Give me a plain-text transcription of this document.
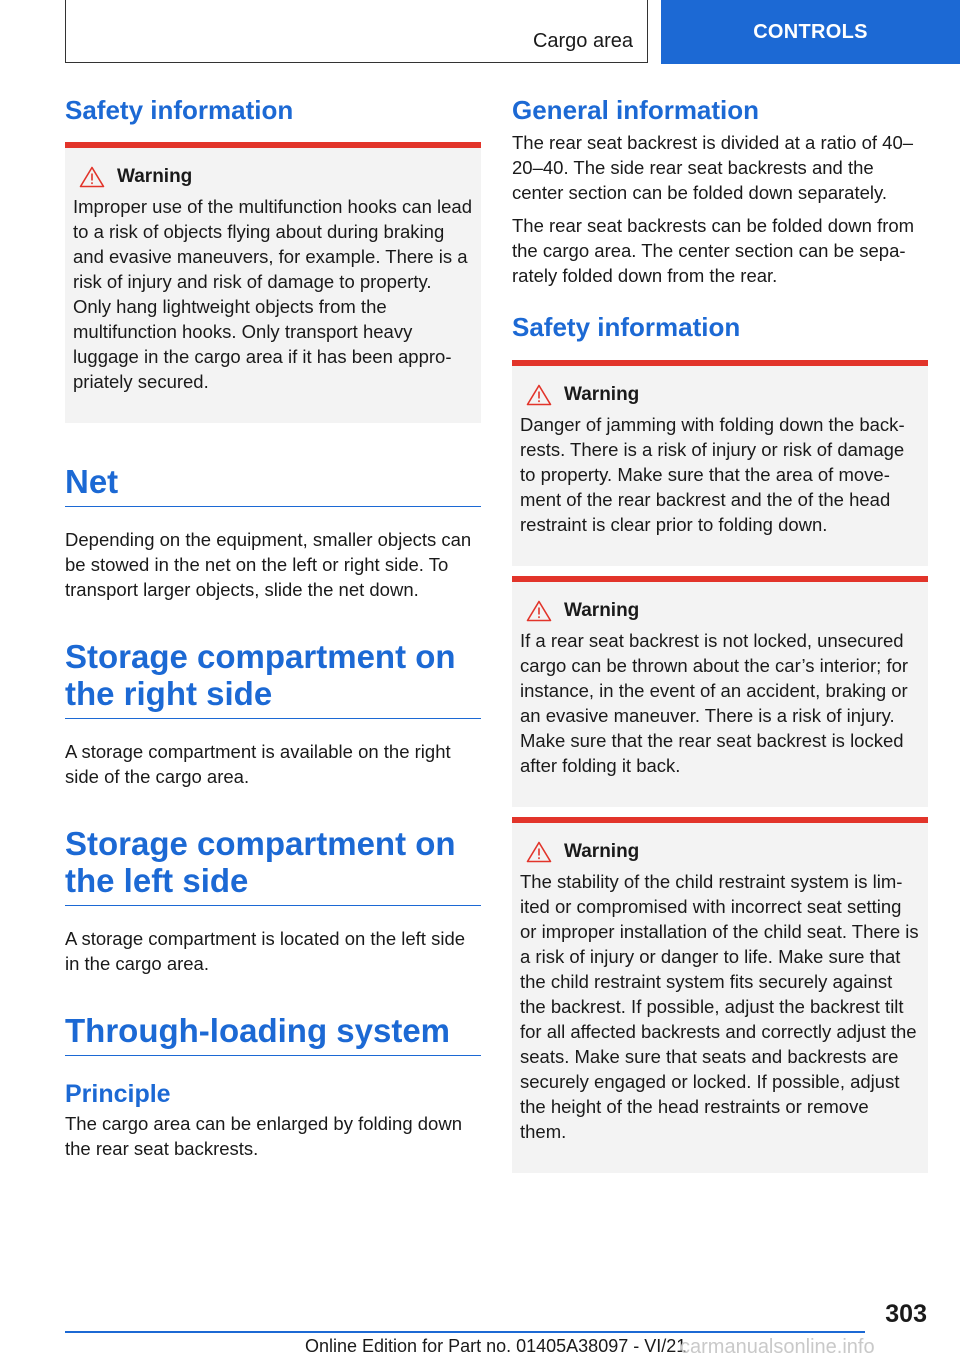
Cargo area	CONTROLS
Safety information
Warning

Improper use of the multifunction hooks can lead to a risk of objects flying about during braking and evasive maneuvers, for example. There is a risk of injury and risk of damage to property. Only hang lightweight objects from the multifunction hooks. Only transport heavy luggage in the cargo area if it has been appropriately secured.

Net

Depending on the equipment, smaller objects can be stowed in the net on the left or right side. To transport larger objects, slide the net down.

Storage compartment on the right side

A storage compartment is available on the right side of the cargo area.

Storage compartment on the left side

A storage compartment is located on the left side in the cargo area.

Through-loading system
Principle

The cargo area can be enlarged by folding down the rear seat backrests.

General information

The rear seat backrest is divided at a ratio of 40–20–40. The side rear seat backrests and the center section can be folded down separately.

The rear seat backrests can be folded down from the cargo area. The center section can be separately folded down from the rear.

Safety information
Warning

Danger of jamming with folding down the backrests. There is a risk of injury or risk of damage to property. Make sure that the area of movement of the rear backrest and the of the head restraint is clear prior to folding down.

Warning

If a rear seat backrest is not locked, unsecured cargo can be thrown about the car’s interior; for instance, in the event of an accident, braking or an evasive maneuver. There is a risk of injury. Make sure that the rear seat backrest is locked after folding it back.

Warning

The stability of the child restraint system is limited or compromised with incorrect seat setting or improper installation of the child seat. There is a risk of injury or danger to life. Make sure that the child restraint system fits securely against the backrest. If possible, adjust the backrest tilt for all affected backrests and correctly adjust the seats. Make sure that seats and backrests are securely engaged or locked. If possible, adjust the height of the head restraints or remove them.

303
Online Edition for Part no. 01405A38097 - VI/21
carmanualsonline.info
